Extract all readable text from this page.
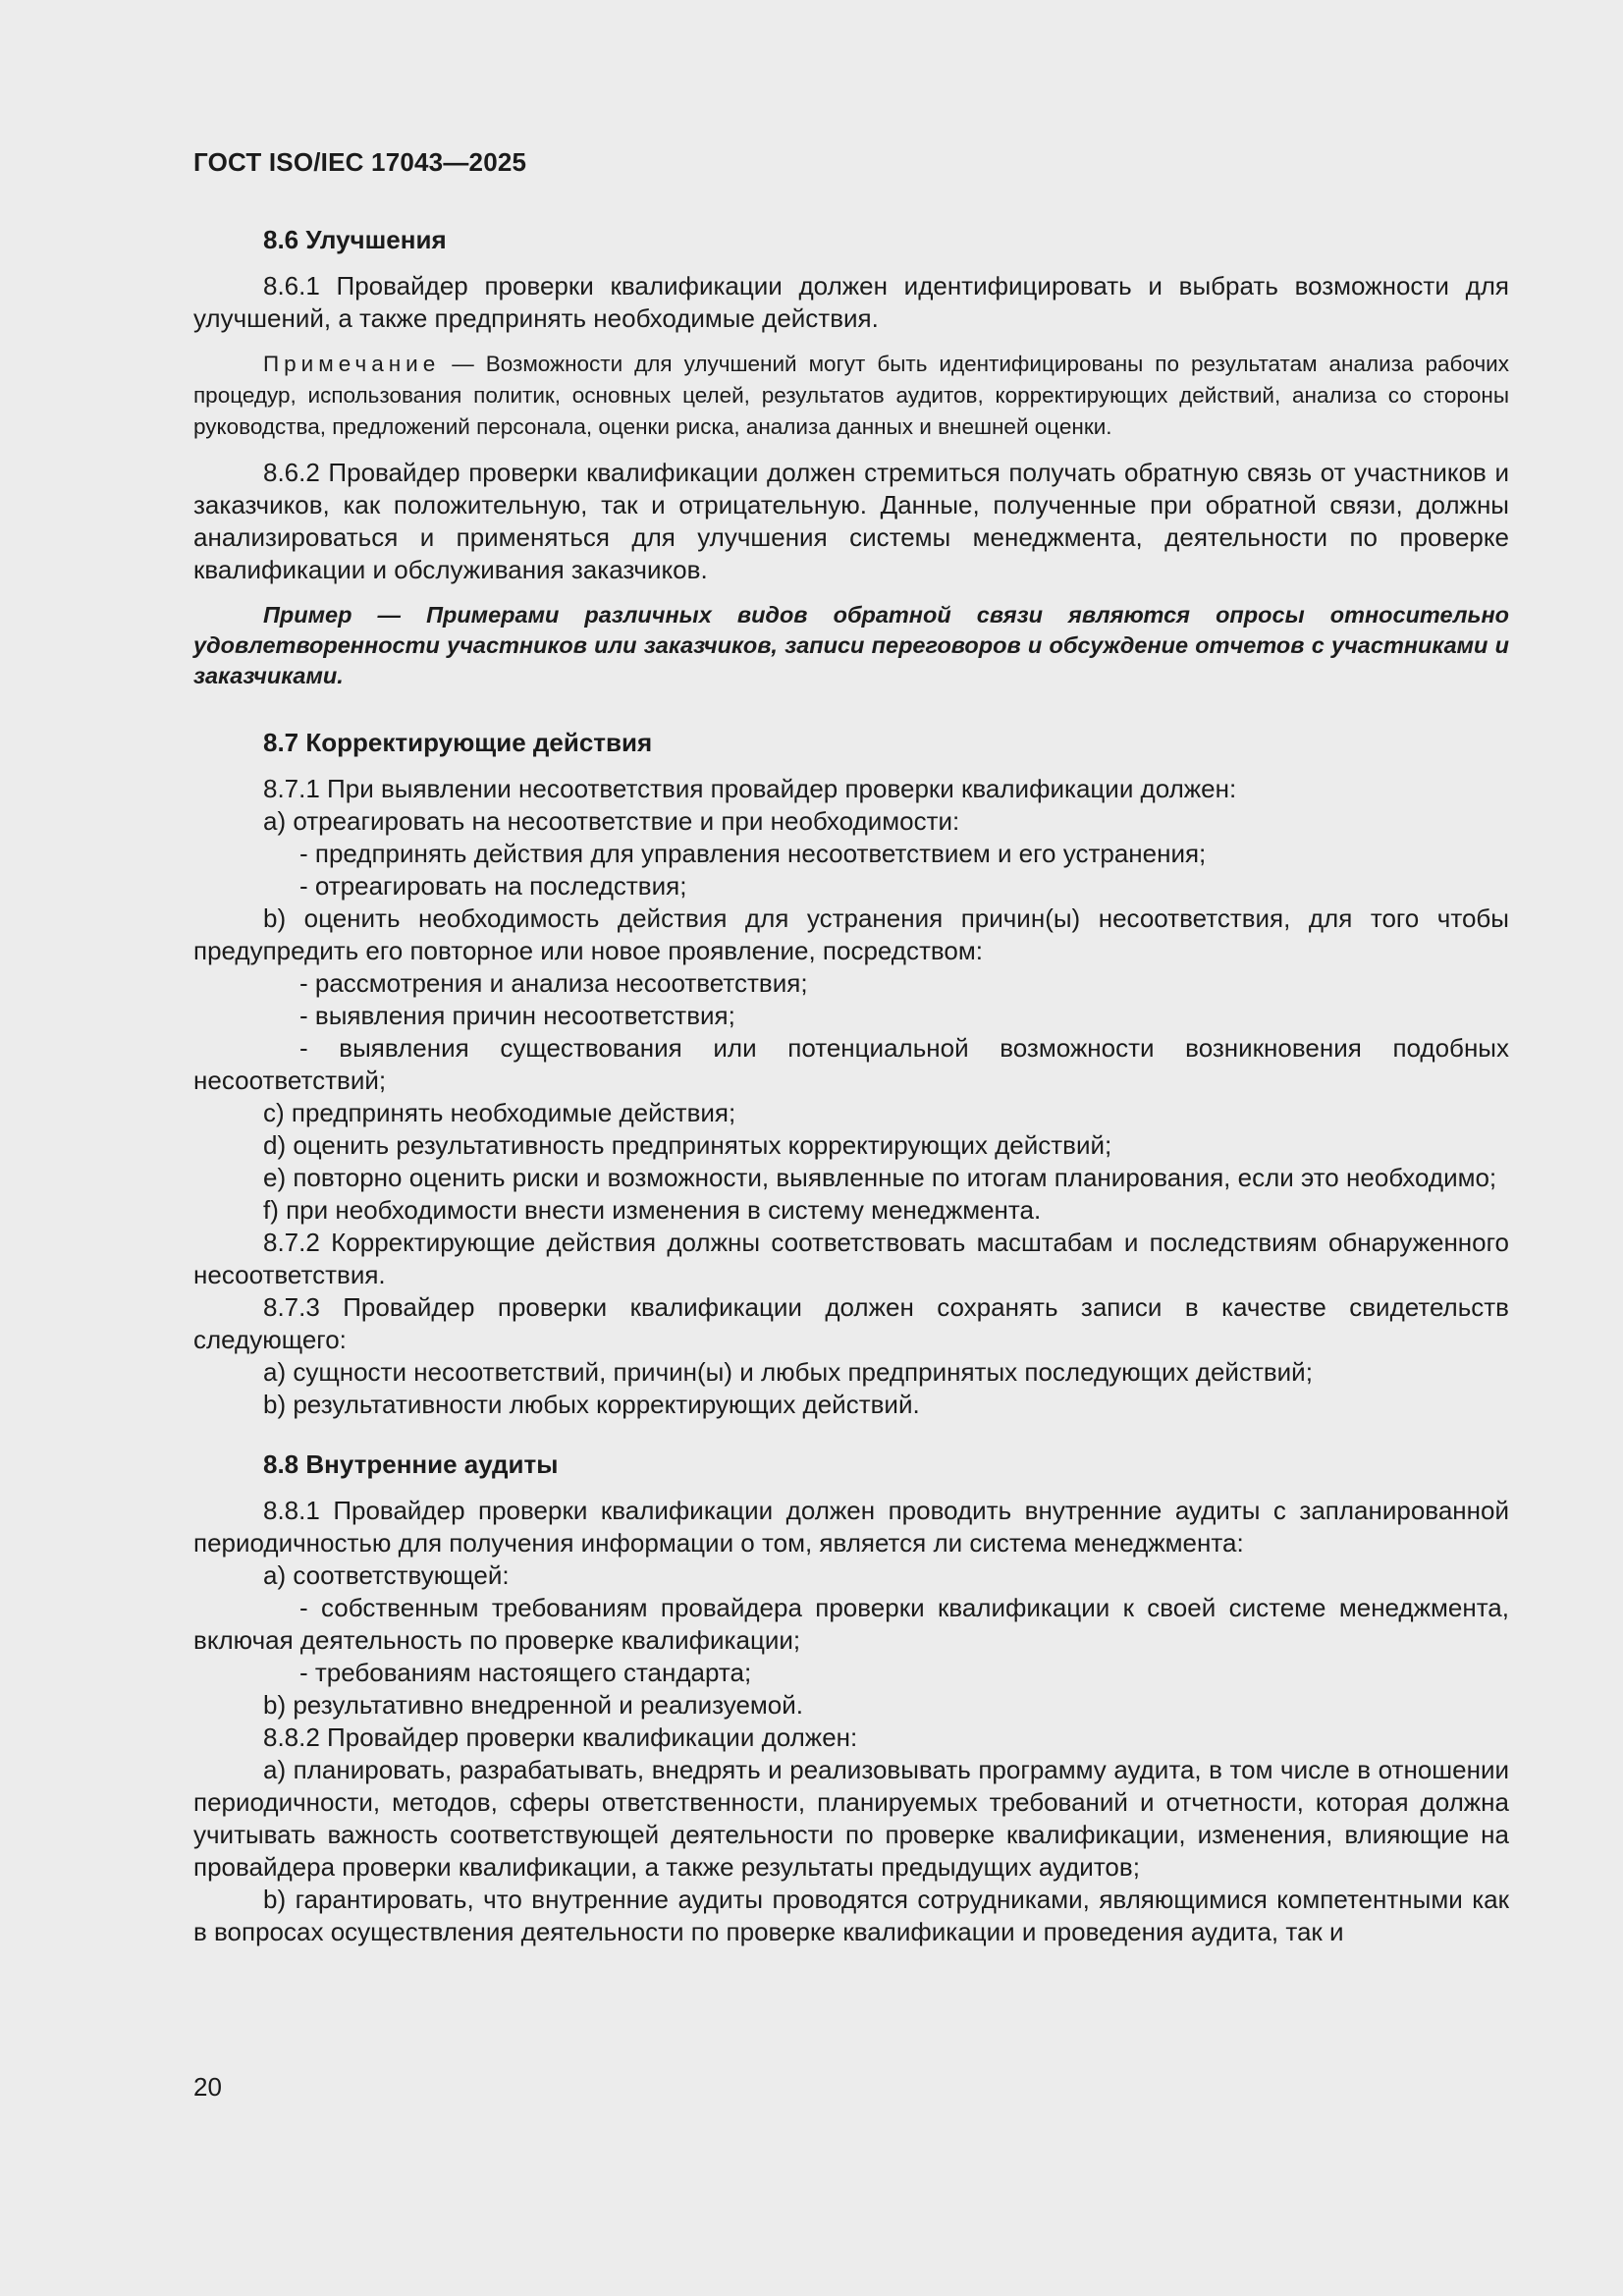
ГОСТ ISO/IEC 17043—2025
8.6 Улучшения

8.6.1 Провайдер проверки квалификации должен идентифицировать и выбрать возможности для улучшений, а также предпринять необходимые действия.

Примечание — Возможности для улучшений могут быть идентифицированы по результатам анализа рабочих процедур, использования политик, основных целей, результатов аудитов, корректирующих действий, анализа со стороны руководства, предложений персонала, оценки риска, анализа данных и внешней оценки.

8.6.2 Провайдер проверки квалификации должен стремиться получать обратную связь от участников и заказчиков, как положительную, так и отрицательную. Данные, полученные при обратной связи, должны анализироваться и применяться для улучшения системы менеджмента, деятельности по проверке квалификации и обслуживания заказчиков.

Пример — Примерами различных видов обратной связи являются опросы относительно удовлетворенности участников или заказчиков, записи переговоров и обсуждение отчетов с участниками и заказчиками.

8.7 Корректирующие действия

8.7.1 При выявлении несоответствия провайдер проверки квалификации должен:

а) отреагировать на несоответствие и при необходимости:

- предпринять действия для управления несоответствием и его устранения;

- отреагировать на последствия;

b) оценить необходимость действия для устранения причин(ы) несоответствия, для того чтобы предупредить его повторное или новое проявление, посредством:

- рассмотрения и анализа несоответствия;

- выявления причин несоответствия;

- выявления существования или потенциальной возможности возникновения подобных несоответствий;

c) предпринять необходимые действия;

d) оценить результативность предпринятых корректирующих действий;

e) повторно оценить риски и возможности, выявленные по итогам планирования, если это необходимо;

f) при необходимости внести изменения в систему менеджмента.

8.7.2 Корректирующие действия должны соответствовать масштабам и последствиям обнаруженного несоответствия.

8.7.3 Провайдер проверки квалификации должен сохранять записи в качестве свидетельств следующего:

а) сущности несоответствий, причин(ы) и любых предпринятых последующих действий;

b) результативности любых корректирующих действий.

8.8 Внутренние аудиты

8.8.1 Провайдер проверки квалификации должен проводить внутренние аудиты с запланированной периодичностью для получения информации о том, является ли система менеджмента:

а) соответствующей:

- собственным требованиям провайдера проверки квалификации к своей системе менеджмента, включая деятельность по проверке квалификации;

- требованиям настоящего стандарта;

b) результативно внедренной и реализуемой.

8.8.2 Провайдер проверки квалификации должен:

а) планировать, разрабатывать, внедрять и реализовывать программу аудита, в том числе в отношении периодичности, методов, сферы ответственности, планируемых требований и отчетности, которая должна учитывать важность соответствующей деятельности по проверке квалификации, изменения, влияющие на провайдера проверки квалификации, а также результаты предыдущих аудитов;

b) гарантировать, что внутренние аудиты проводятся сотрудниками, являющимися компетентными как в вопросах осуществления деятельности по проверке квалификации и проведения аудита, так и

20
